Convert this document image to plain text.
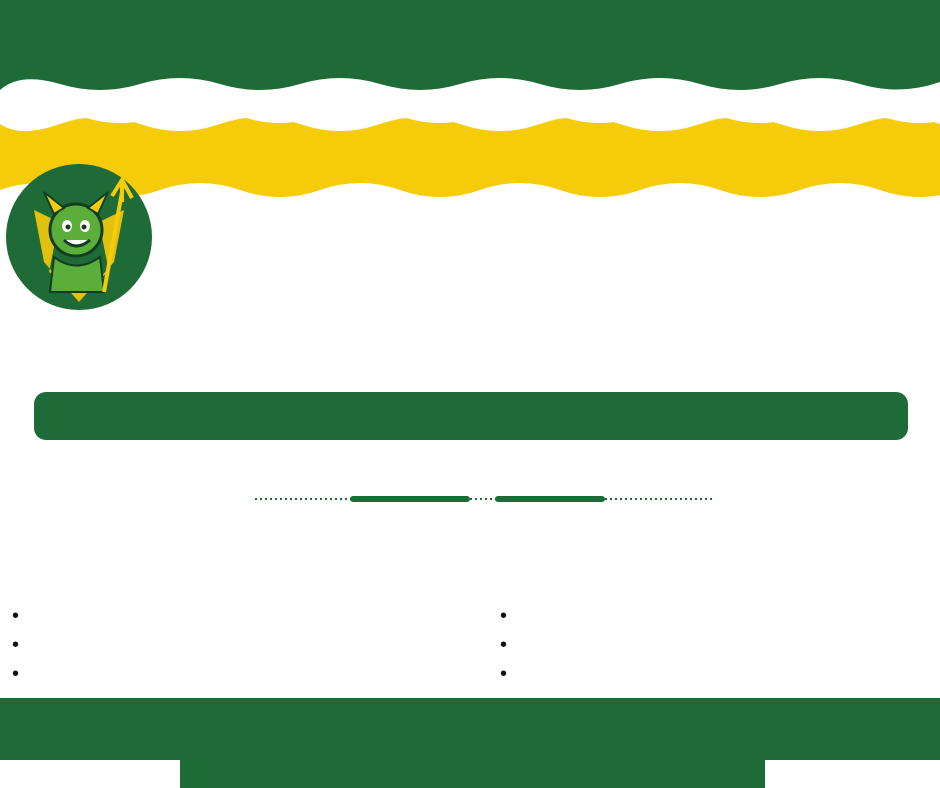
•
•
•
•
•
•
